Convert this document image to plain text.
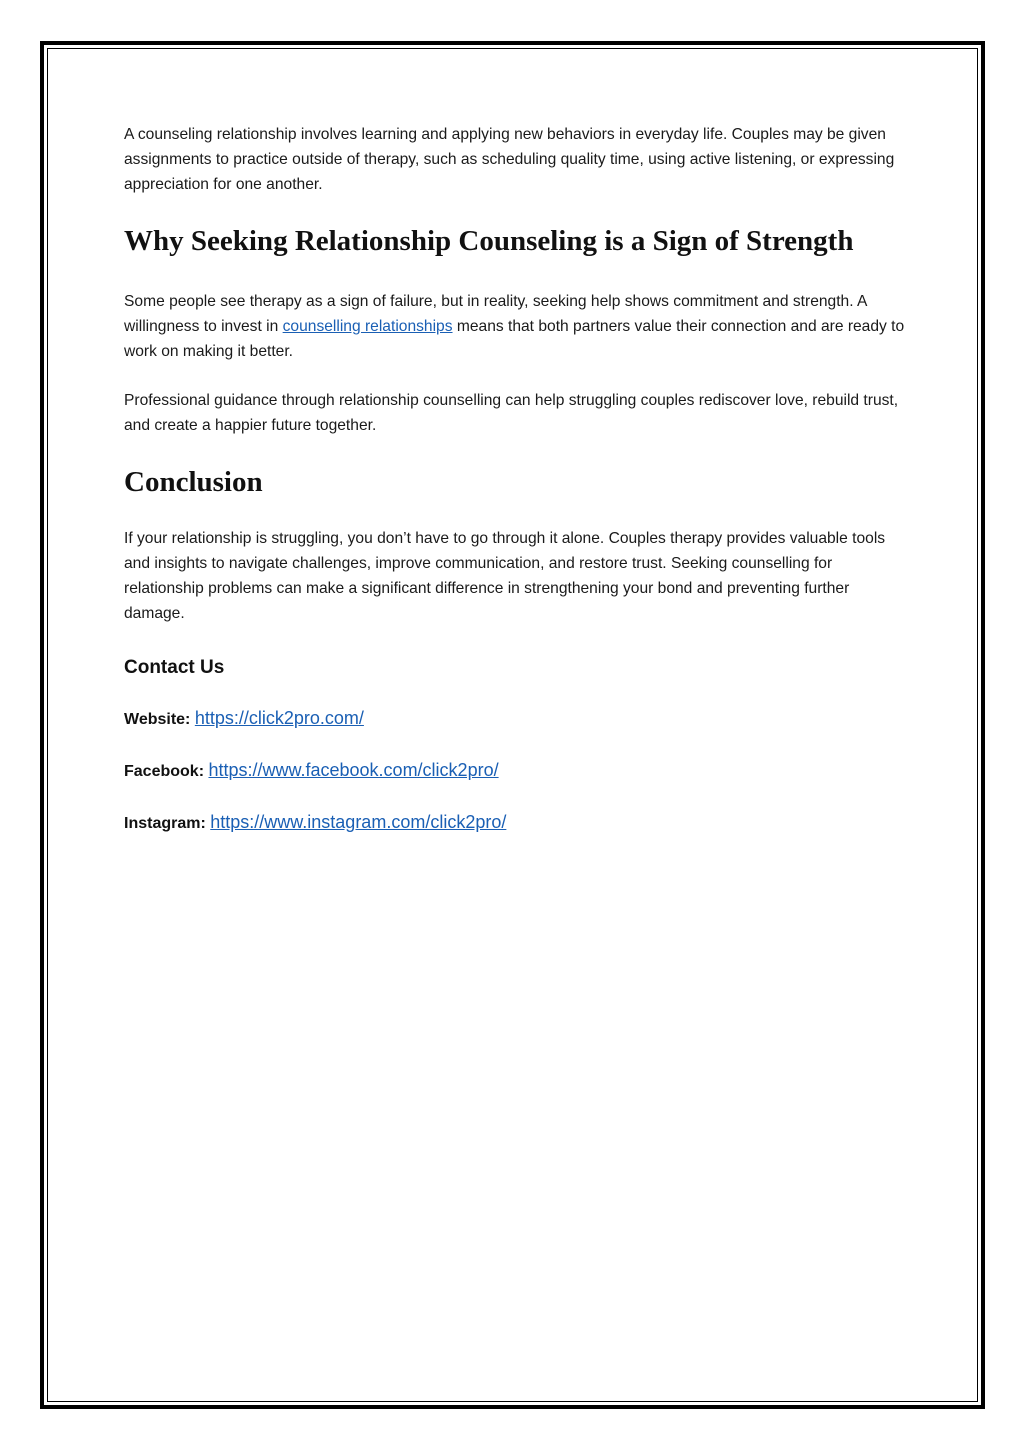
A counseling relationship involves learning and applying new behaviors in everyday life. Couples may be given assignments to practice outside of therapy, such as scheduling quality time, using active listening, or expressing appreciation for one another.

Why Seeking Relationship Counseling is a Sign of Strength

Some people see therapy as a sign of failure, but in reality, seeking help shows commitment and strength. A willingness to invest in counselling relationships means that both partners value their connection and are ready to work on making it better.

Professional guidance through relationship counselling can help struggling couples rediscover love, rebuild trust, and create a happier future together.

Conclusion

If your relationship is struggling, you don’t have to go through it alone. Couples therapy provides valuable tools and insights to navigate challenges, improve communication, and restore trust. Seeking counselling for relationship problems can make a significant difference in strengthening your bond and preventing further damage.

Contact Us
Website: https://click2pro.com/
Facebook: https://www.facebook.com/click2pro/
Instagram: https://www.instagram.com/click2pro/
